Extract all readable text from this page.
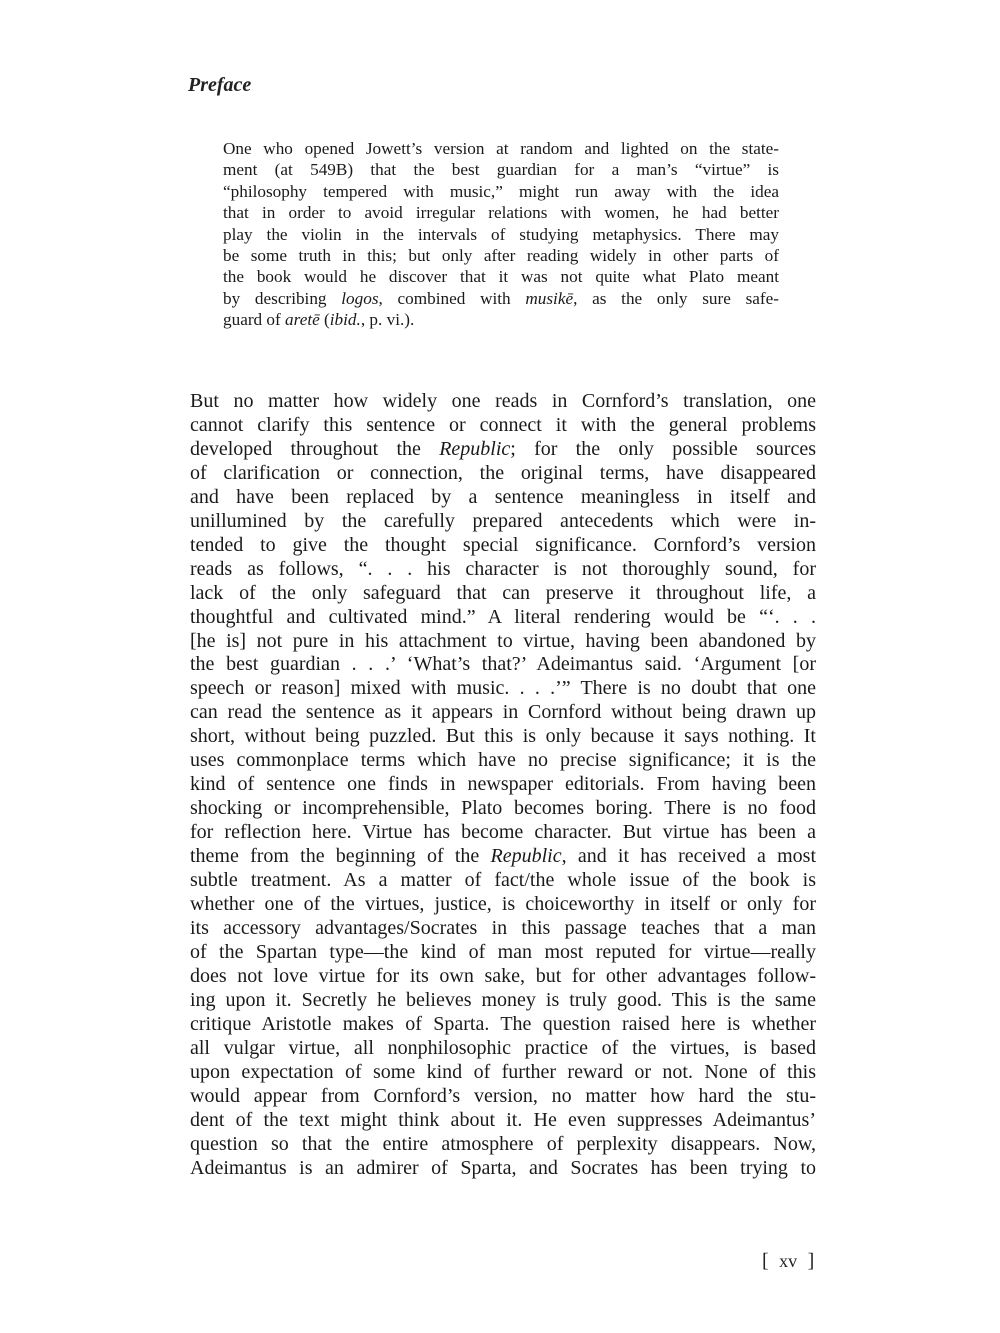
Preface
One who opened Jowett’s version at random and lighted on the state-
ment (at 549B) that the best guardian for a man’s “virtue” is
“philosophy tempered with music,” might run away with the idea
that in order to avoid irregular relations with women, he had better
play the violin in the intervals of studying metaphysics. There may
be some truth in this; but only after reading widely in other parts of
the book would he discover that it was not quite what Plato meant
by describing logos, combined with musikē, as the only sure safe-
guard of aretē (ibid., p. vi.).
But no matter how widely one reads in Cornford’s translation, one
cannot clarify this sentence or connect it with the general problems
developed throughout the Republic; for the only possible sources
of clarification or connection, the original terms, have disappeared
and have been replaced by a sentence meaningless in itself and
unillumined by the carefully prepared antecedents which were in-
tended to give the thought special significance. Cornford’s version
reads as follows, “. . . his character is not thoroughly sound, for
lack of the only safeguard that can preserve it throughout life, a
thoughtful and cultivated mind.” A literal rendering would be “‘. . .
[he is] not pure in his attachment to virtue, having been abandoned by
the best guardian . . .’ ‘What’s that?’ Adeimantus said. ‘Argument [or
speech or reason] mixed with music. . . .’” There is no doubt that one
can read the sentence as it appears in Cornford without being drawn up
short, without being puzzled. But this is only because it says nothing. It
uses commonplace terms which have no precise significance; it is the
kind of sentence one finds in newspaper editorials. From having been
shocking or incomprehensible, Plato becomes boring. There is no food
for reflection here. Virtue has become character. But virtue has been a
theme from the beginning of the Republic, and it has received a most
subtle treatment. As a matter of fact/the whole issue of the book is
whether one of the virtues, justice, is choiceworthy in itself or only for
its accessory advantages/Socrates in this passage teaches that a man
of the Spartan type—the kind of man most reputed for virtue—really
does not love virtue for its own sake, but for other advantages follow-
ing upon it. Secretly he believes money is truly good. This is the same
critique Aristotle makes of Sparta. The question raised here is whether
all vulgar virtue, all nonphilosophic practice of the virtues, is based
upon expectation of some kind of further reward or not. None of this
would appear from Cornford’s version, no matter how hard the stu-
dent of the text might think about it. He even suppresses Adeimantus’
question so that the entire atmosphere of perplexity disappears. Now,
Adeimantus is an admirer of Sparta, and Socrates has been trying to
[ xv ]
